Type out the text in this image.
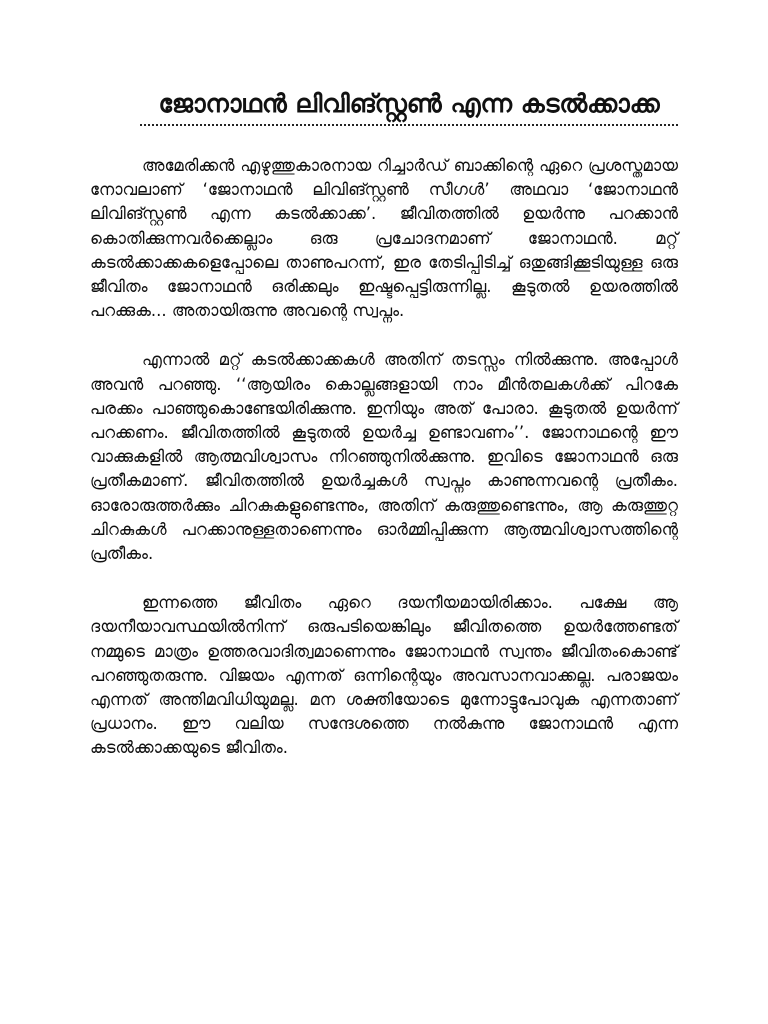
ജോനാഥന്‍ ലിവിങ്സ്റ്റണ്‍ എന്ന കടല്‍ക്കാക്ക

അമേരിക്കന്‍ എഴുത്തുകാരനായ റിച്ചാര്‍ഡ് ബാക്കിന്റെ ഏറെ പ്രശസ്തമായ നോവലാണ് ‘ജോനാഥന്‍ ലിവിങ്സ്റ്റണ്‍ സീഗള്‍’ അഥവാ ‘ജോനാഥന്‍ ലിവിങ്സ്റ്റണ്‍ എന്ന കടല്‍ക്കാക്ക’. ജീവിതത്തില്‍ ഉയര്‍ന്നു പറക്കാന്‍ കൊതിക്കുന്നവര്‍ക്കെല്ലാം ഒരു പ്രചോദനമാണ് ജോനാഥന്‍. മറ്റ് കടല്‍ക്കാക്കകളെപ്പോലെ താണുപറന്ന്, ഇര തേടിപ്പിടിച്ച് ഒതുങ്ങിക്കൂടിയുള്ള ഒരു ജീവിതം ജോനാഥന്‍ ഒരിക്കലും ഇഷ്ടപ്പെട്ടിരുന്നില്ല. കൂടുതല്‍ ഉയരത്തില്‍ പറക്കുക... അതായിരുന്നു അവന്റെ സ്വപ്നം.

എന്നാല്‍ മറ്റ് കടല്‍ക്കാക്കകള്‍ അതിന് തടസ്സം നില്‍ക്കുന്നു. അപ്പോള്‍ അവന്‍ പറഞ്ഞു. ‘‘ആയിരം കൊല്ലങ്ങളായി നാം മീന്‍തലകള്‍ക്ക് പിറകേ പരക്കം പാഞ്ഞുകൊണ്ടേയിരിക്കുന്നു. ഇനിയും അത് പോരാ. കൂടുതല്‍ ഉയര്‍ന്ന് പറക്കണം. ജീവിതത്തില്‍ കൂടുതല്‍ ഉയര്‍ച്ച ഉണ്ടാവണം’’. ജോനാഥന്റെ ഈ വാക്കുകളില്‍ ആത്മവിശ്വാസം നിറഞ്ഞുനില്‍ക്കുന്നു. ഇവിടെ ജോനാഥന്‍ ഒരു പ്രതീകമാണ്. ജീവിതത്തില്‍ ഉയര്‍ച്ചകള്‍ സ്വപ്നം കാണുന്നവന്റെ പ്രതീകം. ഓരോരുത്തര്‍ക്കും ചിറകുകളുണ്ടെന്നും, അതിന് കരുത്തുണ്ടെന്നും, ആ കരുത്തുറ്റ ചിറകുകള്‍ പറക്കാനുള്ളതാണെന്നും ഓര്‍മ്മിപ്പിക്കുന്ന ആത്മവിശ്വാസത്തിന്റെ പ്രതീകം.

ഇന്നത്തെ ജീവിതം ഏറെ ദയനീയമായിരിക്കാം. പക്ഷേ ആ ദയനീയാവസ്ഥയില്‍നിന്ന് ഒരുപടിയെങ്കിലും ജീവിതത്തെ ഉയര്‍ത്തേണ്ടത് നമ്മുടെ മാത്രം ഉത്തരവാദിത്വമാണെന്നും ജോനാഥന്‍ സ്വന്തം ജീവിതംകൊണ്ട് പറഞ്ഞുതരുന്നു. വിജയം എന്നത് ഒന്നിന്റെയും അവസാനവാക്കല്ല. പരാജയം എന്നത് അന്തിമവിധിയുമല്ല. മന ശക്തിയോടെ മുന്നോട്ടുപോവുക എന്നതാണ് പ്രധാനം. ഈ വലിയ സന്ദേശത്തെ നല്‍കുന്നു ജോനാഥന്‍ എന്ന കടല്‍ക്കാക്കയുടെ ജീവിതം.
